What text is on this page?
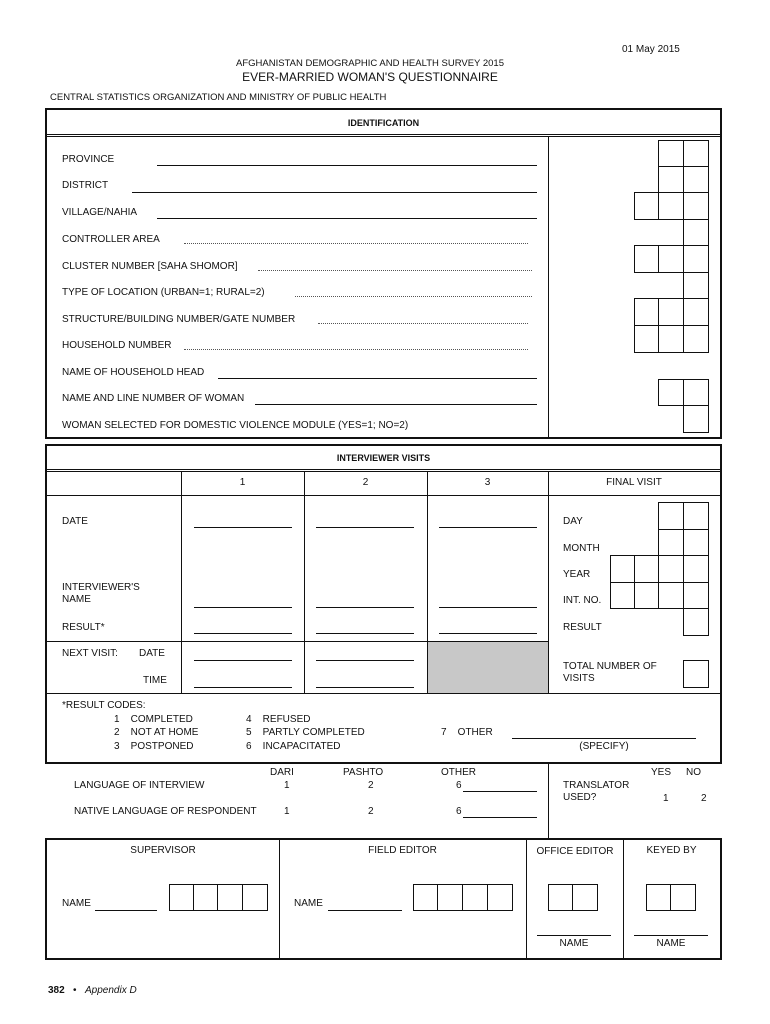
01 May 2015
AFGHANISTAN DEMOGRAPHIC AND HEALTH SURVEY 2015
EVER-MARRIED WOMAN'S QUESTIONNAIRE
CENTRAL STATISTICS ORGANIZATION AND MINISTRY OF PUBLIC HEALTH
IDENTIFICATION
PROVINCE
DISTRICT
VILLAGE/NAHIA
CONTROLLER AREA
CLUSTER NUMBER [SAHA SHOMOR]
TYPE OF LOCATION (URBAN=1; RURAL=2)
STRUCTURE/BUILDING NUMBER/GATE NUMBER
HOUSEHOLD NUMBER
NAME OF HOUSEHOLD HEAD
NAME AND LINE NUMBER OF WOMAN
WOMAN SELECTED FOR DOMESTIC VIOLENCE MODULE (YES=1; NO=2)
INTERVIEWER VISITS
1	2	3	FINAL VISIT
DATE
INTERVIEWER'S NAME
RESULT*
NEXT VISIT: DATE
TIME
DAY
MONTH
YEAR
INT. NO.
RESULT
TOTAL NUMBER OF VISITS
*RESULT CODES:
1    COMPLETED
2    NOT AT HOME
3    POSTPONED
4    REFUSED
5    PARTLY COMPLETED
6    INCAPACITATED
7    OTHER
(SPECIFY)
DARI	PASHTO	OTHER
LANGUAGE OF INTERVIEW	1	2	6
NATIVE LANGUAGE OF RESPONDENT	1	2	6
YES NO
TRANSLATOR USED?	1	2
SUPERVISOR	FIELD EDITOR	OFFICE EDITOR	KEYED BY
NAME	NAME
NAME	NAME
382 • Appendix D
